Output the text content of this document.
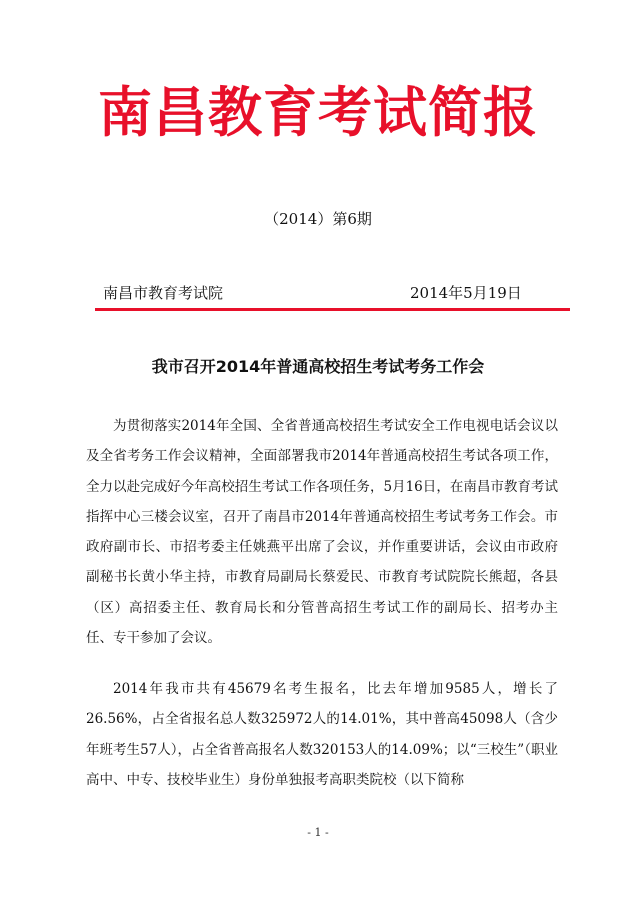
南昌教育考试简报
（2014）第6期
南昌市教育考试院	2014年5月19日
我市召开2014年普通高校招生考试考务工作会

为贯彻落实2014年全国、全省普通高校招生考试安全工作电视电话会议以及全省考务工作会议精神，全面部署我市2014年普通高校招生考试各项工作，全力以赴完成好今年高校招生考试工作各项任务，5月16日，在南昌市教育考试指挥中心三楼会议室，召开了南昌市2014年普通高校招生考试考务工作会。市政府副市长、市招考委主任姚燕平出席了会议，并作重要讲话，会议由市政府副秘书长黄小华主持，市教育局副局长蔡爱民、市教育考试院院长熊超，各县（区）高招委主任、教育局长和分管普高招生考试工作的副局长、招考办主任、专干参加了会议。

2014年我市共有45679名考生报名，比去年增加9585人，增长了26.56%，占全省报名总人数325972人的14.01%，其中普高45098人（含少年班考生57人），占全省普高报名人数320153人的14.09%；以“三校生”（职业高中、中专、技校毕业生）身份单独报考高职类院校（以下简称

- 1 -
